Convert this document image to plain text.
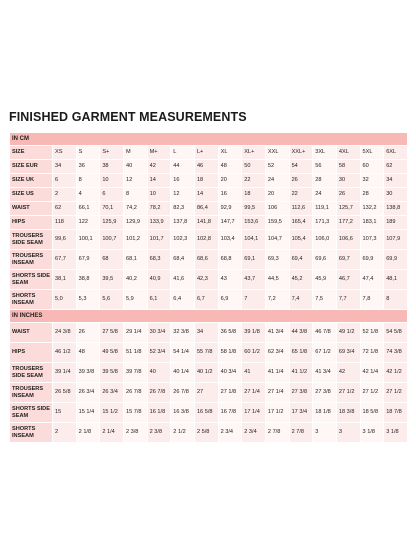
FINISHED GARMENT MEASUREMENTS
IN CM															
SIZE	XS	S	S+	M	M+	L	L+	XL	XL+	XXL	XXL+	3XL	4XL	5XL	6XL
SIZE EUR	34	36	38	40	42	44	46	48	50	52	54	56	58	60	62
SIZE UK	6	8	10	12	14	16	18	20	22	24	26	28	30	32	34
SIZE US	2	4	6	8	10	12	14	16	18	20	22	24	26	28	30
WAIST	62	66,1	70,1	74,2	78,2	82,3	86,4	92,9	99,5	106	112,6	119,1	125,7	132,2	138,8
HIPS	118	122	125,9	129,9	133,9	137,8	141,8	147,7	153,6	159,5	165,4	171,3	177,2	183,1	189
TROUSERS SIDE SEAM	99,6	100,1	100,7	101,2	101,7	102,3	102,8	103,4	104,1	104,7	105,4	106,0	106,6	107,3	107,9
TROUSERS INSEAM	67,7	67,9	68	68,1	68,3	68,4	68,6	68,8	69,1	69,3	69,4	69,6	69,7	69,9	69,9
SHORTS SIDE SEAM	38,1	38,8	39,5	40,2	40,9	41,6	42,3	43	43,7	44,5	45,2	45,9	46,7	47,4	48,1
SHORTS INSEAM	5,0	5,3	5,6	5,9	6,1	6,4	6,7	6,9	7	7,2	7,4	7,5	7,7	7,8	8
IN INCHES															
WAIST	24 3/8	26	27 5/8	29 1/4	30 3/4	32 3/8	34	36 5/8	39 1/8	41 3/4	44 3/8	46 7/8	49 1/2	52 1/8	54 5/8
HIPS	46 1/2	48	49 5/8	51 1/8	52 3/4	54 1/4	55 7/8	58 1/8	60 1/2	62 3/4	65 1/8	67 1/2	69 3/4	72 1/8	74 3/8
TROUSERS SIDE SEAM	39 1/4	39 3/8	39 5/8	39 7/8	40	40 1/4	40 1/2	40 3/4	41	41 1/4	41 1/2	41 3/4	42	42 1/4	42 1/2
TROUSERS INSEAM	26 5/8	26 3/4	26 3/4	26 7/8	26 7/8	26 7/8	27	27 1/8	27 1/4	27 1/4	27 3/8	27 3/8	27 1/2	27 1/2	27 1/2
SHORTS SIDE SEAM	15	15 1/4	15 1/2	15 7/8	16 1/8	16 3/8	16 5/8	16 7/8	17 1/4	17 1/2	17 3/4	18 1/8	18 3/8	18 5/8	18 7/8
SHORTS INSEAM	2	2 1/8	2 1/4	2 3/8	2 3/8	2 1/2	2 5/8	2 3/4	2 3/4	2 7/8	2 7/8	3	3	3 1/8	3 1/8
